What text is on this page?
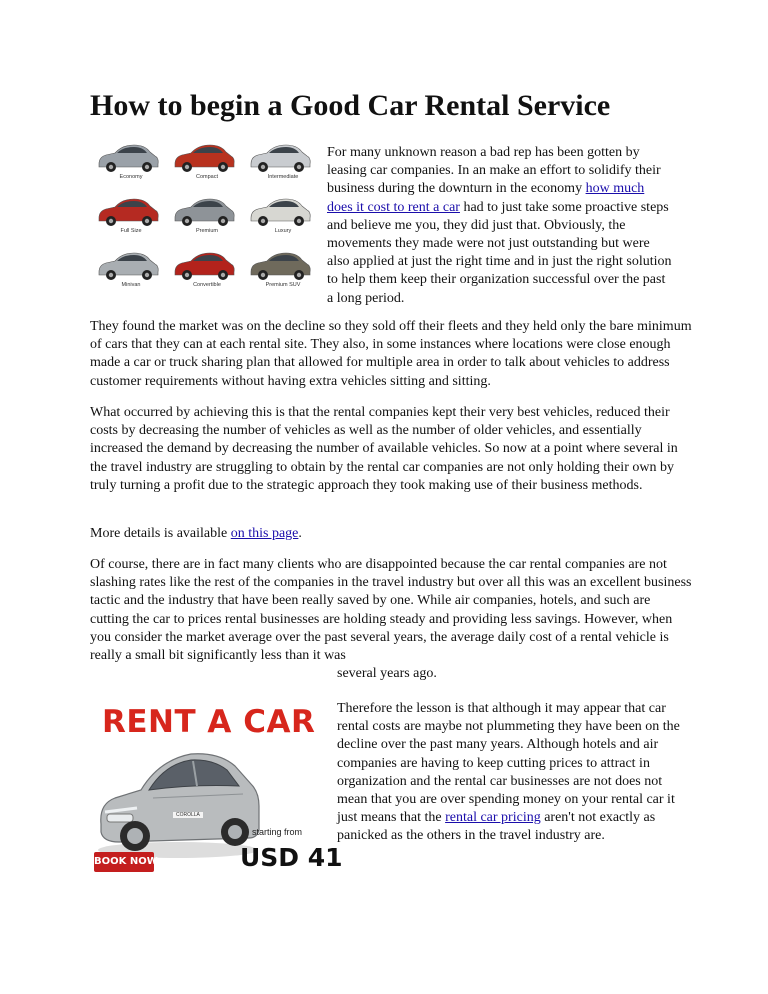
How to begin a Good Car Rental Service
Economy	Compact	Intermediate
Full Size	Premium	Luxury
Minivan	Convertible	Premium SUV
For many unknown reason a bad rep has been gotten by leasing car companies. In an make an effort to solidify their business during the downturn in the economy how much does it cost to rent a car had to just take some proactive steps and believe me you, they did just that. Obviously, the movements they made were not just outstanding but were also applied at just the right time and in just the right solution to help them keep their organization successful over the past a long period.
They found the market was on the decline so they sold off their fleets and they held only the bare minimum of cars that they can at each rental site. They also, in some instances where locations were close enough made a car or truck sharing plan that allowed for multiple area in order to talk about vehicles to address customer requirements without having extra vehicles sitting and sitting.
What occurred by achieving this is that the rental companies kept their very best vehicles, reduced their costs by decreasing the number of vehicles as well as the number of older vehicles, and essentially increased the demand by decreasing the number of available vehicles. So now at a point where several in the travel industry are struggling to obtain by the rental car companies are not only holding their own by truly turning a profit due to the strategic approach they took making use of their business methods.
More details is available on this page.
Of course, there are in fact many clients who are disappointed because the car rental companies are not slashing rates like the rest of the companies in the travel industry but over all this was an excellent business tactic and the industry that have been really saved by one. While air companies, hotels, and such are cutting the car to prices rental businesses are holding steady and providing less savings. However, when you consider the market average over the past several years, the average daily cost of a rental vehicle is really a small bit significantly less than it was
several years ago.
Therefore the lesson is that although it may appear that car rental costs are maybe not plummeting they have been on the decline over the past many years. Although hotels and air companies are having to keep cutting prices to attract in organization and the rental car businesses are not does not mean that you are over spending money on your rental car it just means that the rental car pricing aren't not exactly as panicked as the others in the travel industry are.
RENT A CAR
COROLLA
starting from
USD 41
BOOK NOW
